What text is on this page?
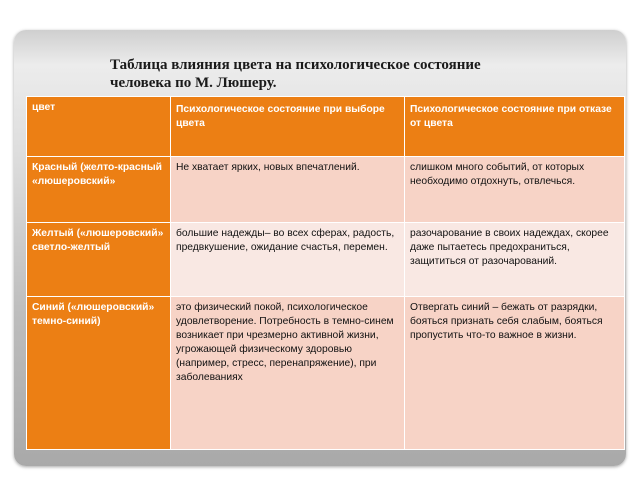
Таблица влияния цвета на психологическое состояние человека по М. Люшеру.

цвет	Психологическое состояние при выборе цвета	Психологическое состояние при отказе от цвета
Красный (желто-красный «люшеровский»	Не хватает ярких, новых впечатлений.	слишком много событий, от которых необходимо отдохнуть, отвлечься.
Желтый («люшеровский» светло-желтый	большие надежды– во всех сферах, радость, предвкушение, ожидание счастья, перемен.	разочарование в своих надеждах, скорее даже пытаетесь предохраниться, защититься от разочарований.
Синий («люшеровский» темно-синий)	это физический покой, психологическое удовлетворение. Потребность в темно-синем возникает при чрезмерно активной жизни, угрожающей физическому здоровью (например, стресс, перенапряжение), при заболеваниях	Отвергать синий – бежать от разрядки, бояться признать себя слабым, бояться пропустить что-то важное в жизни.
